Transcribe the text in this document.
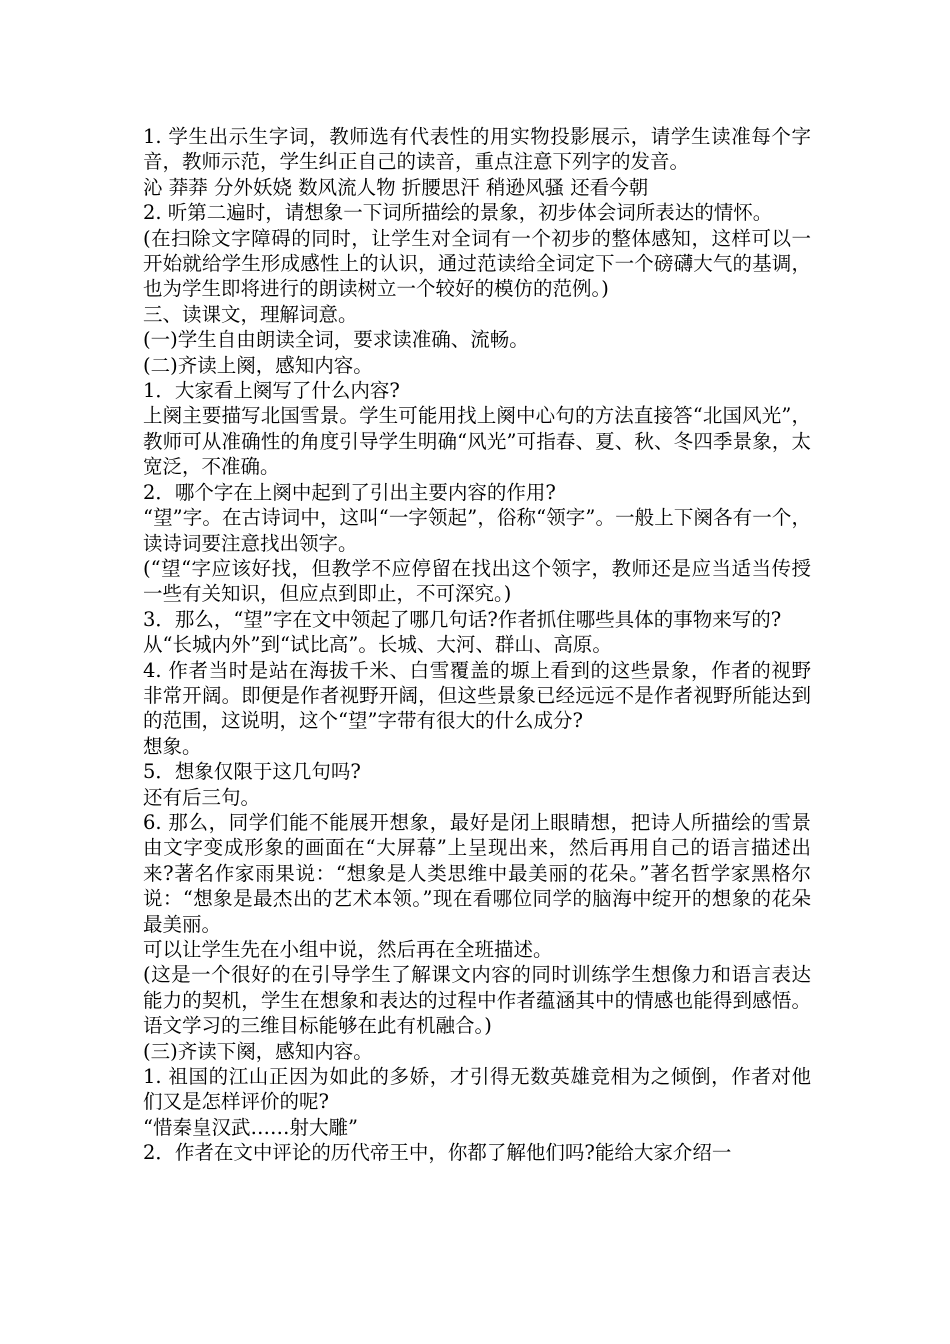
1. 学生出示生字词，教师选有代表性的用实物投影展示，请学生读准每个字音，教师示范，学生纠正自己的读音，重点注意下列字的发音。

沁 莽莽 分外妖娆 数风流人物 折腰思汗 稍逊风骚 还看今朝

2. 听第二遍时，请想象一下词所描绘的景象，初步体会词所表达的情怀。

(在扫除文字障碍的同时，让学生对全词有一个初步的整体感知，这样可以一开始就给学生形成感性上的认识，通过范读给全词定下一个磅礴大气的基调，也为学生即将进行的朗读树立一个较好的模仿的范例。)

三、读课文，理解词意。

(一)学生自由朗读全词，要求读准确、流畅。

(二)齐读上阕，感知内容。

1．大家看上阕写了什么内容?

上阕主要描写北国雪景。学生可能用找上阕中心句的方法直接答“北国风光”，教师可从准确性的角度引导学生明确“风光”可指春、夏、秋、冬四季景象，太宽泛，不准确。

2．哪个字在上阕中起到了引出主要内容的作用?

“望”字。在古诗词中，这叫“一字领起”，俗称“领字”。一般上下阕各有一个，读诗词要注意找出领字。

(“望“字应该好找，但教学不应停留在找出这个领字，教师还是应当适当传授一些有关知识，但应点到即止，不可深究。)

3．那么，“望”字在文中领起了哪几句话?作者抓住哪些具体的事物来写的?

从“长城内外”到“试比高”。长城、大河、群山、高原。

4. 作者当时是站在海拔千米、白雪覆盖的塬上看到的这些景象，作者的视野非常开阔。即便是作者视野开阔，但这些景象已经远远不是作者视野所能达到的范围，这说明，这个“望”字带有很大的什么成分?

想象。

5．想象仅限于这几句吗?

还有后三句。

6. 那么，同学们能不能展开想象，最好是闭上眼睛想，把诗人所描绘的雪景由文字变成形象的画面在“大屏幕”上呈现出来，然后再用自己的语言描述出来?著名作家雨果说：“想象是人类思维中最美丽的花朵。”著名哲学家黑格尔说：“想象是最杰出的艺术本领。”现在看哪位同学的脑海中绽开的想象的花朵最美丽。

可以让学生先在小组中说，然后再在全班描述。

(这是一个很好的在引导学生了解课文内容的同时训练学生想像力和语言表达能力的契机，学生在想象和表达的过程中作者蕴涵其中的情感也能得到感悟。语文学习的三维目标能够在此有机融合。)

(三)齐读下阕，感知内容。

1. 祖国的江山正因为如此的多娇，才引得无数英雄竞相为之倾倒，作者对他们又是怎样评价的呢?

“惜秦皇汉武……射大雕”

2．作者在文中评论的历代帝王中，你都了解他们吗?能给大家介绍一
